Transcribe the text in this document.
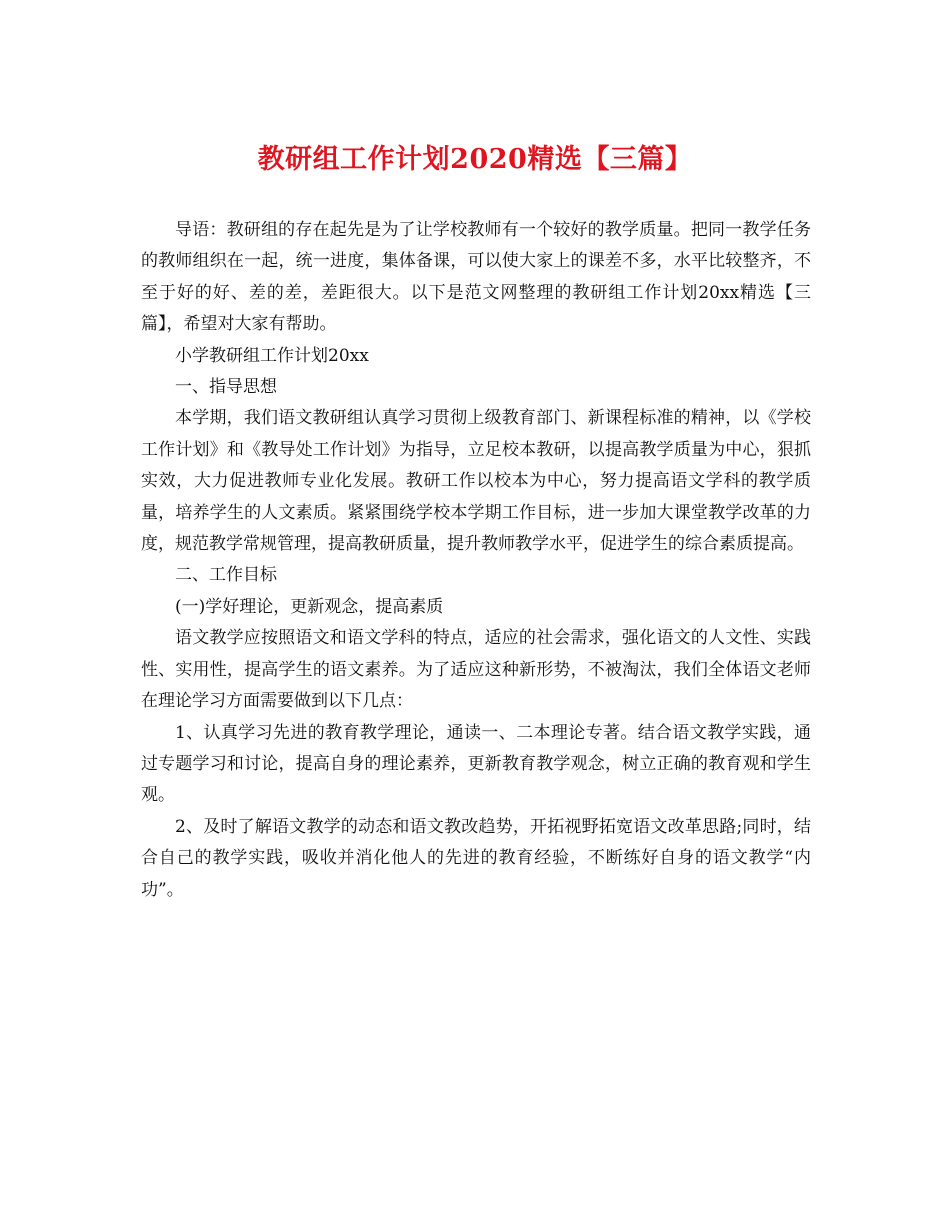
教研组工作计划2020精选【三篇】

导语：教研组的存在起先是为了让学校教师有一个较好的教学质量。把同一教学任务的教师组织在一起，统一进度，集体备课，可以使大家上的课差不多，水平比较整齐，不至于好的好、差的差，差距很大。以下是范文网整理的教研组工作计划20xx精选【三篇】，希望对大家有帮助。

小学教研组工作计划20xx

一、指导思想

本学期，我们语文教研组认真学习贯彻上级教育部门、新课程标准的精神，以《学校工作计划》和《教导处工作计划》为指导，立足校本教研，以提高教学质量为中心，狠抓实效，大力促进教师专业化发展。教研工作以校本为中心，努力提高语文学科的教学质量，培养学生的人文素质。紧紧围绕学校本学期工作目标，进一步加大课堂教学改革的力度，规范教学常规管理，提高教研质量，提升教师教学水平，促进学生的综合素质提高。

二、工作目标

(一)学好理论，更新观念，提高素质

语文教学应按照语文和语文学科的特点，适应的社会需求，强化语文的人文性、实践性、实用性，提高学生的语文素养。为了适应这种新形势，不被淘汰，我们全体语文老师在理论学习方面需要做到以下几点：

1、认真学习先进的教育教学理论，通读一、二本理论专著。结合语文教学实践，通过专题学习和讨论，提高自身的理论素养，更新教育教学观念，树立正确的教育观和学生观。

2、及时了解语文教学的动态和语文教改趋势，开拓视野拓宽语文改革思路;同时，结合自己的教学实践，吸收并消化他人的先进的教育经验，不断练好自身的语文教学“内功”。
